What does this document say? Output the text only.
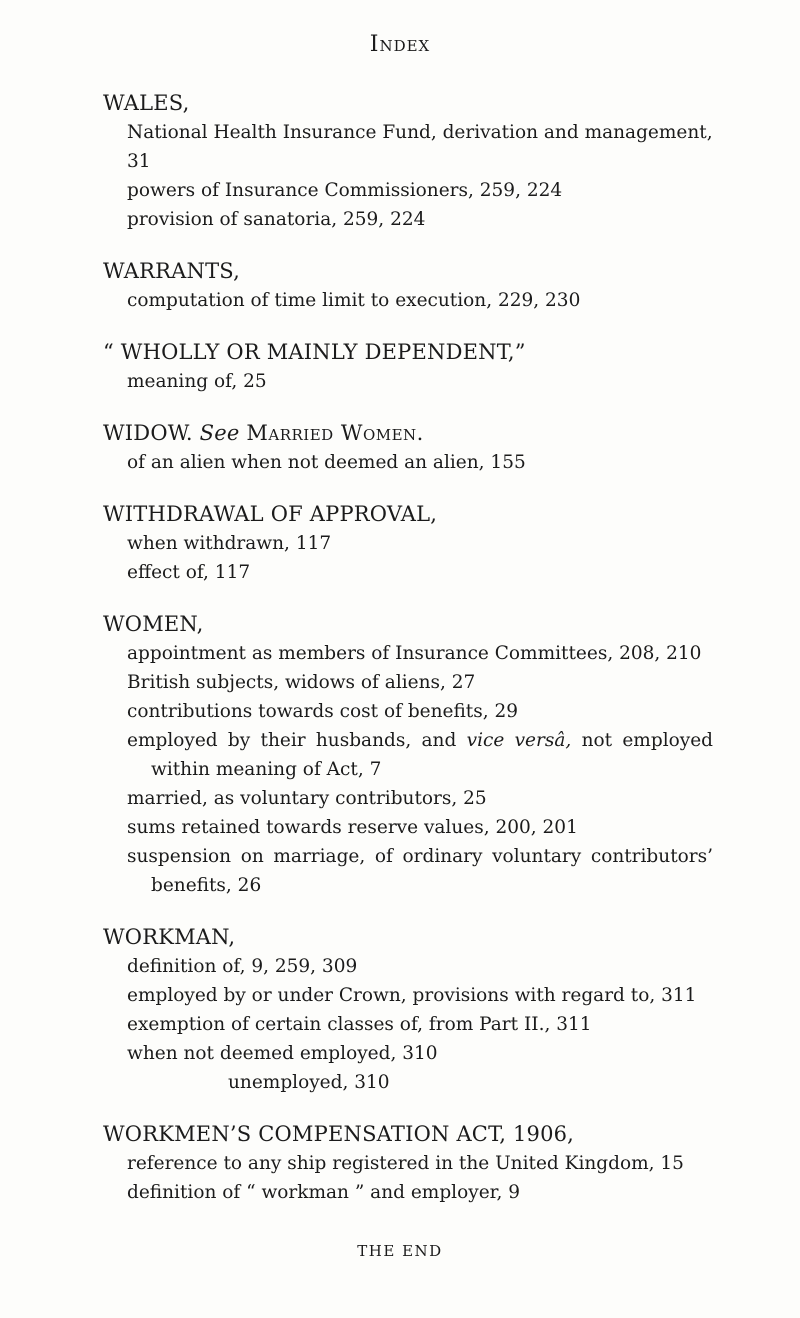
Index
WALES,
National Health Insurance Fund, derivation and management, 31
powers of Insurance Commissioners, 259, 224
provision of sanatoria, 259, 224
WARRANTS,
computation of time limit to execution, 229, 230
“ WHOLLY OR MAINLY DEPENDENT,”
meaning of, 25
WIDOW. See Married Women.
of an alien when not deemed an alien, 155
WITHDRAWAL OF APPROVAL,
when withdrawn, 117
effect of, 117
WOMEN,
appointment as members of Insurance Committees, 208, 210
British subjects, widows of aliens, 27
contributions towards cost of benefits, 29
employed by their husbands, and vice versâ, not employed within meaning of Act, 7
married, as voluntary contributors, 25
sums retained towards reserve values, 200, 201
suspension on marriage, of ordinary voluntary contributors’ benefits, 26
WORKMAN,
definition of, 9, 259, 309
employed by or under Crown, provisions with regard to, 311
exemption of certain classes of, from Part II., 311
when not deemed employed, 310
unemployed, 310
WORKMEN’S COMPENSATION ACT, 1906,
reference to any ship registered in the United Kingdom, 15
definition of “ workman ” and employer, 9
THE END
